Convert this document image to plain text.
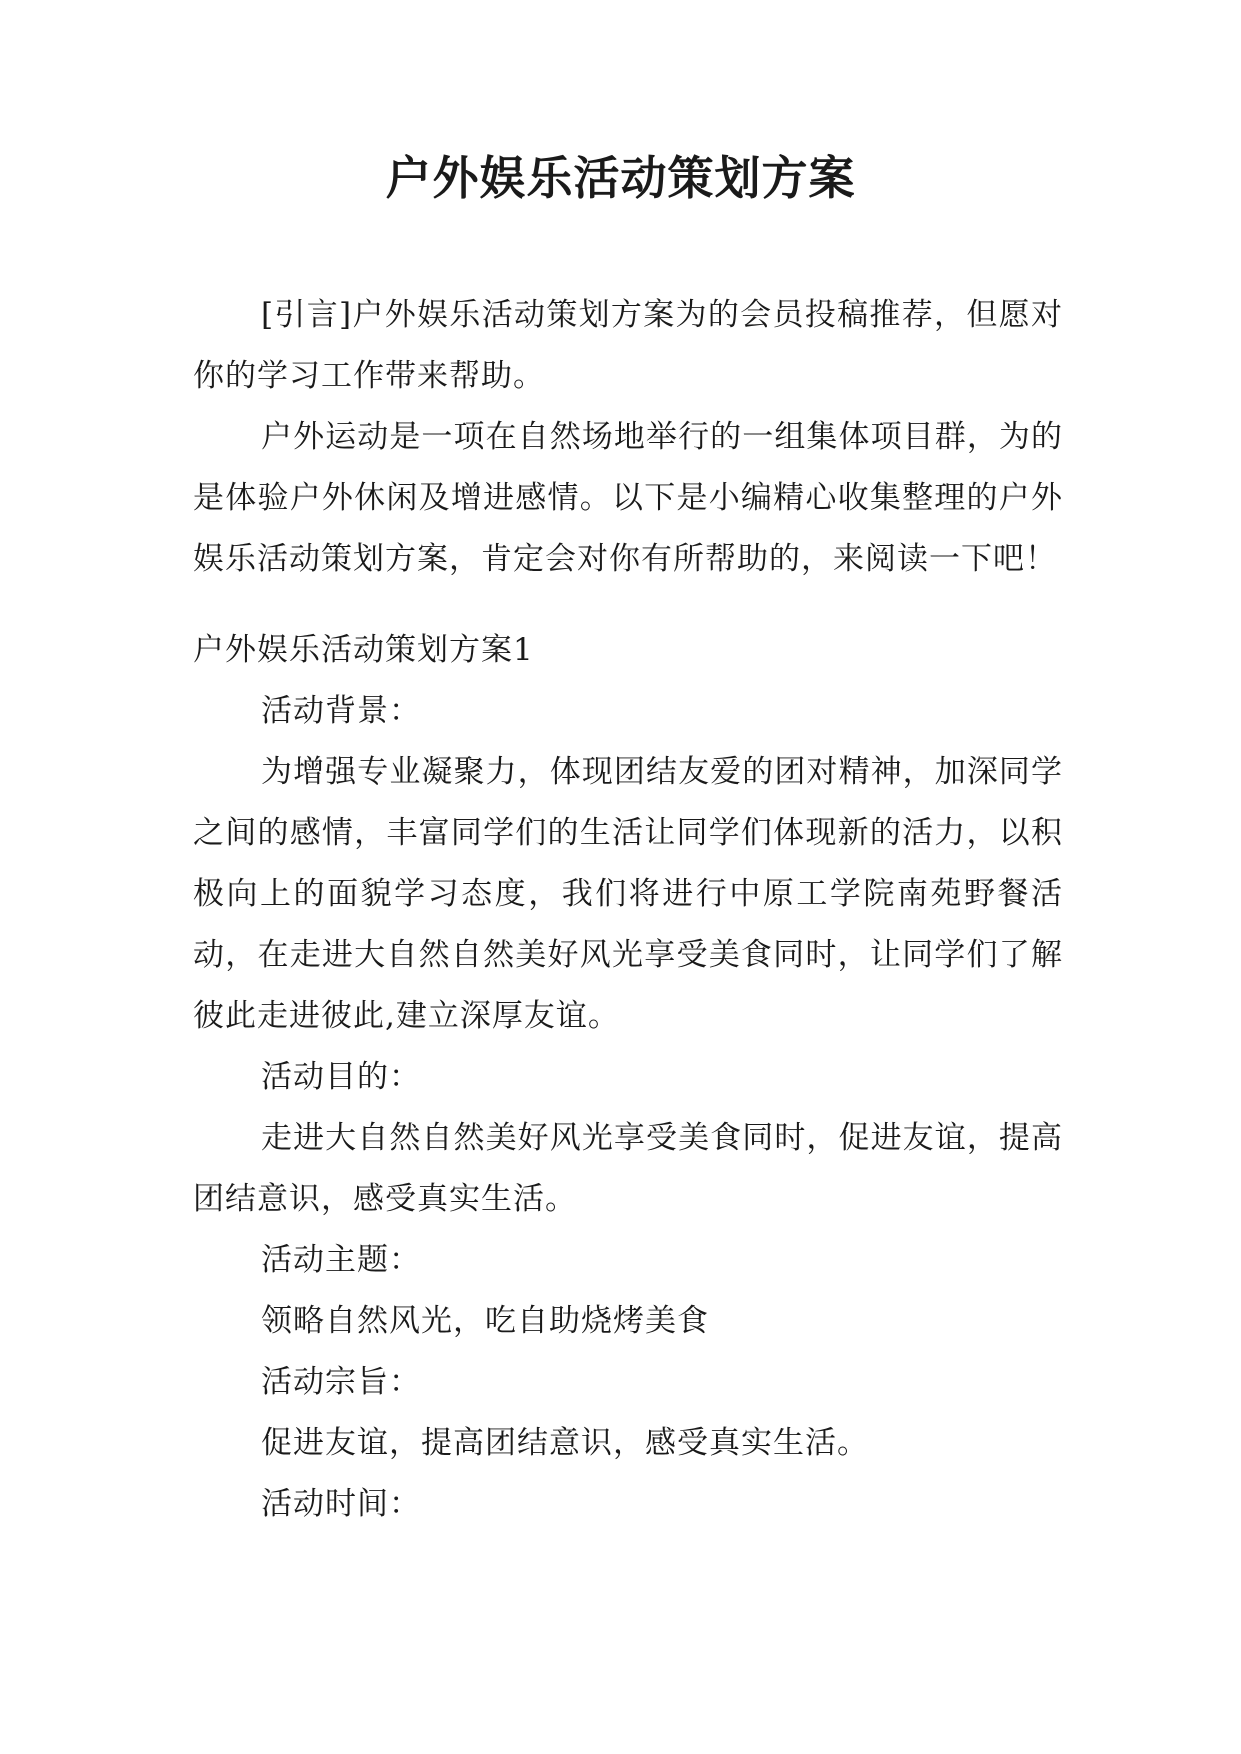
户外娱乐活动策划方案

[引言]户外娱乐活动策划方案为的会员投稿推荐，但愿对你的学习工作带来帮助。

户外运动是一项在自然场地举行的一组集体项目群，为的是体验户外休闲及增进感情。以下是小编精心收集整理的户外娱乐活动策划方案，肯定会对你有所帮助的，来阅读一下吧！

户外娱乐活动策划方案1

活动背景：

为增强专业凝聚力，体现团结友爱的团对精神，加深同学之间的感情，丰富同学们的生活让同学们体现新的活力，以积极向上的面貌学习态度，我们将进行中原工学院南苑野餐活动，在走进大自然自然美好风光享受美食同时，让同学们了解彼此走进彼此,建立深厚友谊。

活动目的：

走进大自然自然美好风光享受美食同时，促进友谊，提高团结意识，感受真实生活。

活动主题：

领略自然风光，吃自助烧烤美食

活动宗旨：

促进友谊，提高团结意识，感受真实生活。

活动时间：
